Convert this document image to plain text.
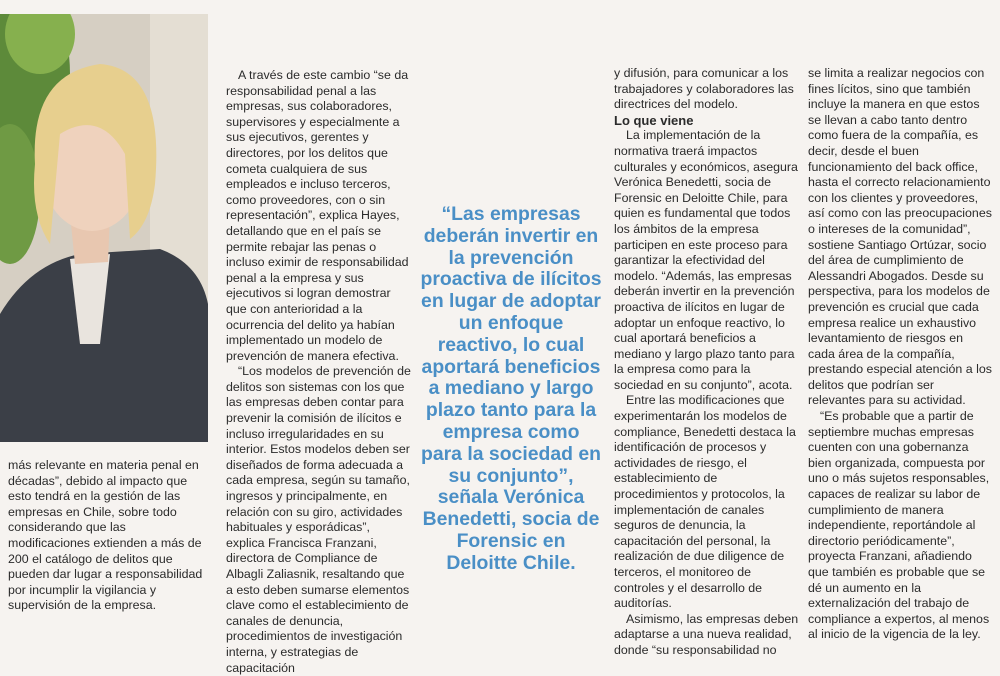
más relevante en materia penal en décadas”, debido al impacto que esto tendrá en la gestión de las empresas en Chile, sobre todo considerando que las modificaciones extienden a más de 200 el catálogo de delitos que pueden dar lugar a responsabilidad por incumplir la vigilancia y supervisión de la empresa.

A través de este cambio “se da responsabilidad penal a las empresas, sus colaboradores, supervisores y especialmente a sus ejecutivos, gerentes y directores, por los delitos que cometa cualquiera de sus empleados e incluso terceros, como proveedores, con o sin representación”, explica Hayes, detallando que en el país se permite rebajar las penas o incluso eximir de responsabilidad penal a la empresa y sus ejecutivos si logran demostrar que con anterioridad a la ocurrencia del delito ya habían implementado un modelo de prevención de manera efectiva.

“Los modelos de prevención de delitos son sistemas con los que las empresas deben contar para prevenir la comisión de ilícitos e incluso irregularidades en su interior. Estos modelos deben ser diseñados de forma adecuada a cada empresa, según su tamaño, ingresos y principalmente, en relación con su giro, actividades habituales y esporádicas”, explica Francisca Franzani, directora de Compliance de Albagli Zaliasnik, resaltando que a esto deben sumarse elementos clave como el establecimiento de canales de denuncia, procedimientos de investigación interna, y estrategias de capacitación

“Las empresas deberán invertir en la prevención proactiva de ilícitos en lugar de adoptar un enfoque reactivo, lo cual aportará beneficios a mediano y largo plazo tanto para la empresa como para la sociedad en su conjunto”, señala Verónica Benedetti, socia de Forensic en Deloitte Chile.

y difusión, para comunicar a los trabajadores y colaboradores las directrices del modelo.

Lo que viene

La implementación de la normativa traerá impactos culturales y económicos, asegura Verónica Benedetti, socia de Forensic en Deloitte Chile, para quien es fundamental que todos los ámbitos de la empresa participen en este proceso para garantizar la efectividad del modelo. “Además, las empresas deberán invertir en la prevención proactiva de ilícitos en lugar de adoptar un enfoque reactivo, lo cual aportará beneficios a mediano y largo plazo tanto para la empresa como para la sociedad en su conjunto”, acota.

Entre las modificaciones que experimentarán los modelos de compliance, Benedetti destaca la identificación de procesos y actividades de riesgo, el establecimiento de procedimientos y protocolos, la implementación de canales seguros de denuncia, la capacitación del personal, la realización de due diligence de terceros, el monitoreo de controles y el desarrollo de auditorías.

Asimismo, las empresas deben adaptarse a una nueva realidad, donde “su responsabilidad no

se limita a realizar negocios con fines lícitos, sino que también incluye la manera en que estos se llevan a cabo tanto dentro como fuera de la compañía, es decir, desde el buen funcionamiento del back office, hasta el correcto relacionamiento con los clientes y proveedores, así como con las preocupaciones o intereses de la comunidad”, sostiene Santiago Ortúzar, socio del área de cumplimiento de Alessandri Abogados. Desde su perspectiva, para los modelos de prevención es crucial que cada empresa realice un exhaustivo levantamiento de riesgos en cada área de la compañía, prestando especial atención a los delitos que podrían ser relevantes para su actividad.

“Es probable que a partir de septiembre muchas empresas cuenten con una gobernanza bien organizada, compuesta por uno o más sujetos responsables, capaces de realizar su labor de cumplimiento de manera independiente, reportándole al directorio periódicamente”, proyecta Franzani, añadiendo que también es probable que se dé un aumento en la externalización del trabajo de compliance a expertos, al menos al inicio de la vigencia de la ley.
